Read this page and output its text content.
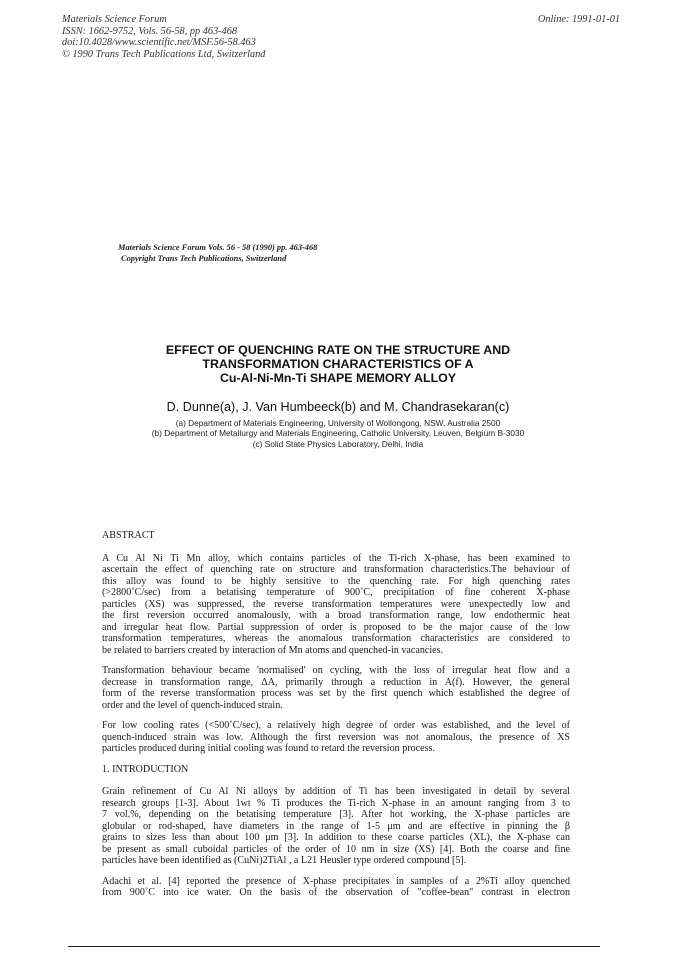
Materials Science Forum
ISSN: 1662-9752, Vols. 56-58, pp 463-468
doi:10.4028/www.scientific.net/MSF.56-58.463
© 1990 Trans Tech Publications Ltd, Switzerland
Online: 1991-01-01
Materials Science Forum Vols. 56 - 58 (1990) pp. 463-468
Copyright Trans Tech Publications, Switzerland
EFFECT OF QUENCHING RATE ON THE STRUCTURE AND
TRANSFORMATION CHARACTERISTICS OF A
Cu-Al-Ni-Mn-Ti SHAPE MEMORY ALLOY
D. Dunne(a), J. Van Humbeeck(b) and M. Chandrasekaran(c)
(a) Department of Materials Engineering, University of Wollongong, NSW, Australia 2500
(b) Department of Metallurgy and Materials Engineering, Catholic University, Leuven, Belgium B-3030
(c) Solid State Physics Laboratory, Delhi, India
ABSTRACT
A Cu Al Ni Ti Mn alloy, which contains particles of the Ti-rich X-phase, has been examined to
ascertain the effect of quenching rate on structure and transformation characteristics.The behaviour of
this alloy was found to be highly sensitive to the quenching rate. For high quenching rates
(>2800˚C/sec) from a betatising temperature of 900˚C, precipitation of fine coherent X-phase
particles (XS) was suppressed, the reverse transformation temperatures were unexpectedly low and
the first reversion occurred anomalously, with a broad transformation range, low endothermic heat
and irregular heat flow. Partial suppression of order is proposed to be the major cause of the low
transformation temperatures, whereas the anomalous transformation characteristics are considered to
be related to barriers created by interaction of Mn atoms and quenched-in vacancies.
Transformation behaviour became 'normalised' on cycling, with the loss of irregular heat flow and a
decrease in transformation range, ΔA, primarily through a reduction in A(f). However, the general
form of the reverse transformation process was set by the first quench which established the degree of
order and the level of quench-induced strain.
For low cooling rates (<500˚C/sec), a relatively high degree of order was established, and the level of
quench-induced strain was low. Although the first reversion was not anomalous, the presence of XS
particles produced during initial cooling was found to retard the reversion process.
1. INTRODUCTION
Grain refinement of Cu Al Ni alloys by addition of Ti has been investigated in detail by several
research groups [1-3]. About 1wt % Ti produces the Ti-rich X-phase in an amount ranging from 3 to
7 vol.%, depending on the betatising temperature [3]. After hot working, the X-phase particles are
globular or rod-shaped, have diameters in the range of 1-5 μm and are effective in pinning the β
grains to sizes less than about 100 μm [3]. In addition to these coarse particles (XL), the X-phase can
be present as small cuboidal particles of the order of 10 nm in size (XS) [4]. Both the coarse and fine
particles have been identified as (CuNi)2TiAl , a L21 Heusler type ordered compound [5].
Adachi et al. [4] reported the presence of X-phase precipitates in samples of a 2%Ti alloy quenched
from 900˚C into ice water. On the basis of the observation of "coffee-bean" contrast in electron
